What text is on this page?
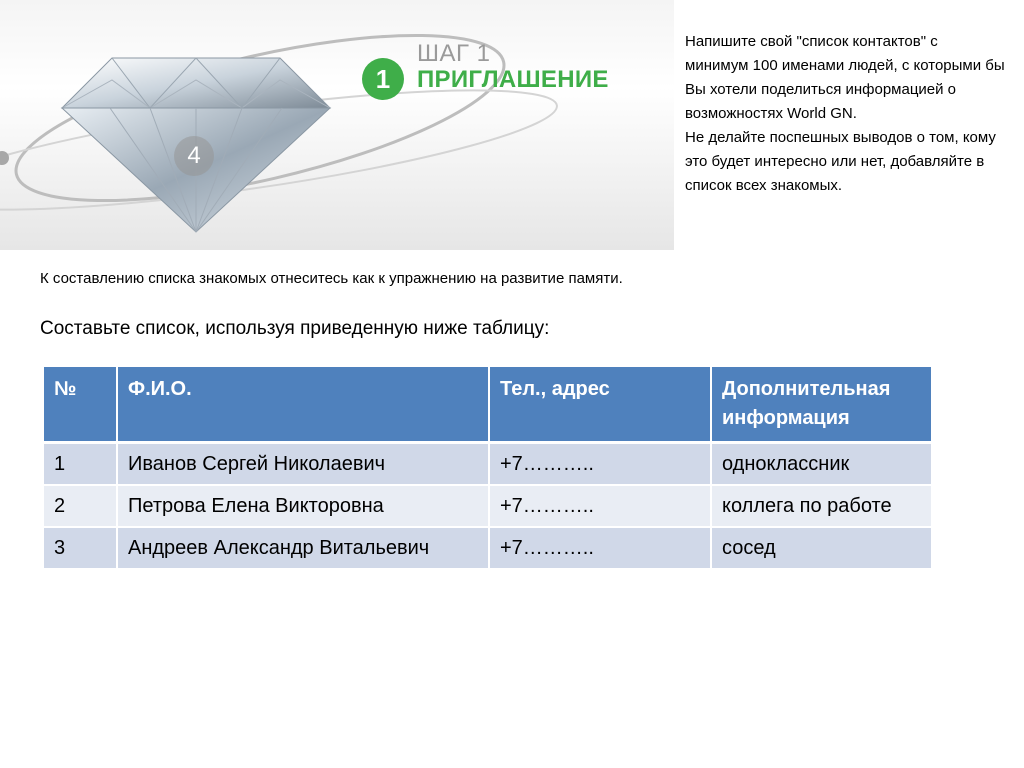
4
1
ШАГ 1
ПРИГЛАШЕНИЕ

Напишите свой "список контактов" с минимум 100 именами людей, с которыми бы Вы хотели поделиться информацией о возможностях World GN.

Не делайте поспешных выводов о том, кому это будет интересно или нет, добавляйте в список всех знакомых.

К составлению списка знакомых отнеситесь как к упражнению на развитие памяти.
Составьте список, используя приведенную ниже таблицу:
№	Ф.И.О.	Тел., адрес	Дополнительная информация
1	Иванов Сергей Николаевич	+7………..	одноклассник
2	Петрова Елена Викторовна	+7………..	коллега по работе
3	Андреев Александр Витальевич	+7………..	сосед
